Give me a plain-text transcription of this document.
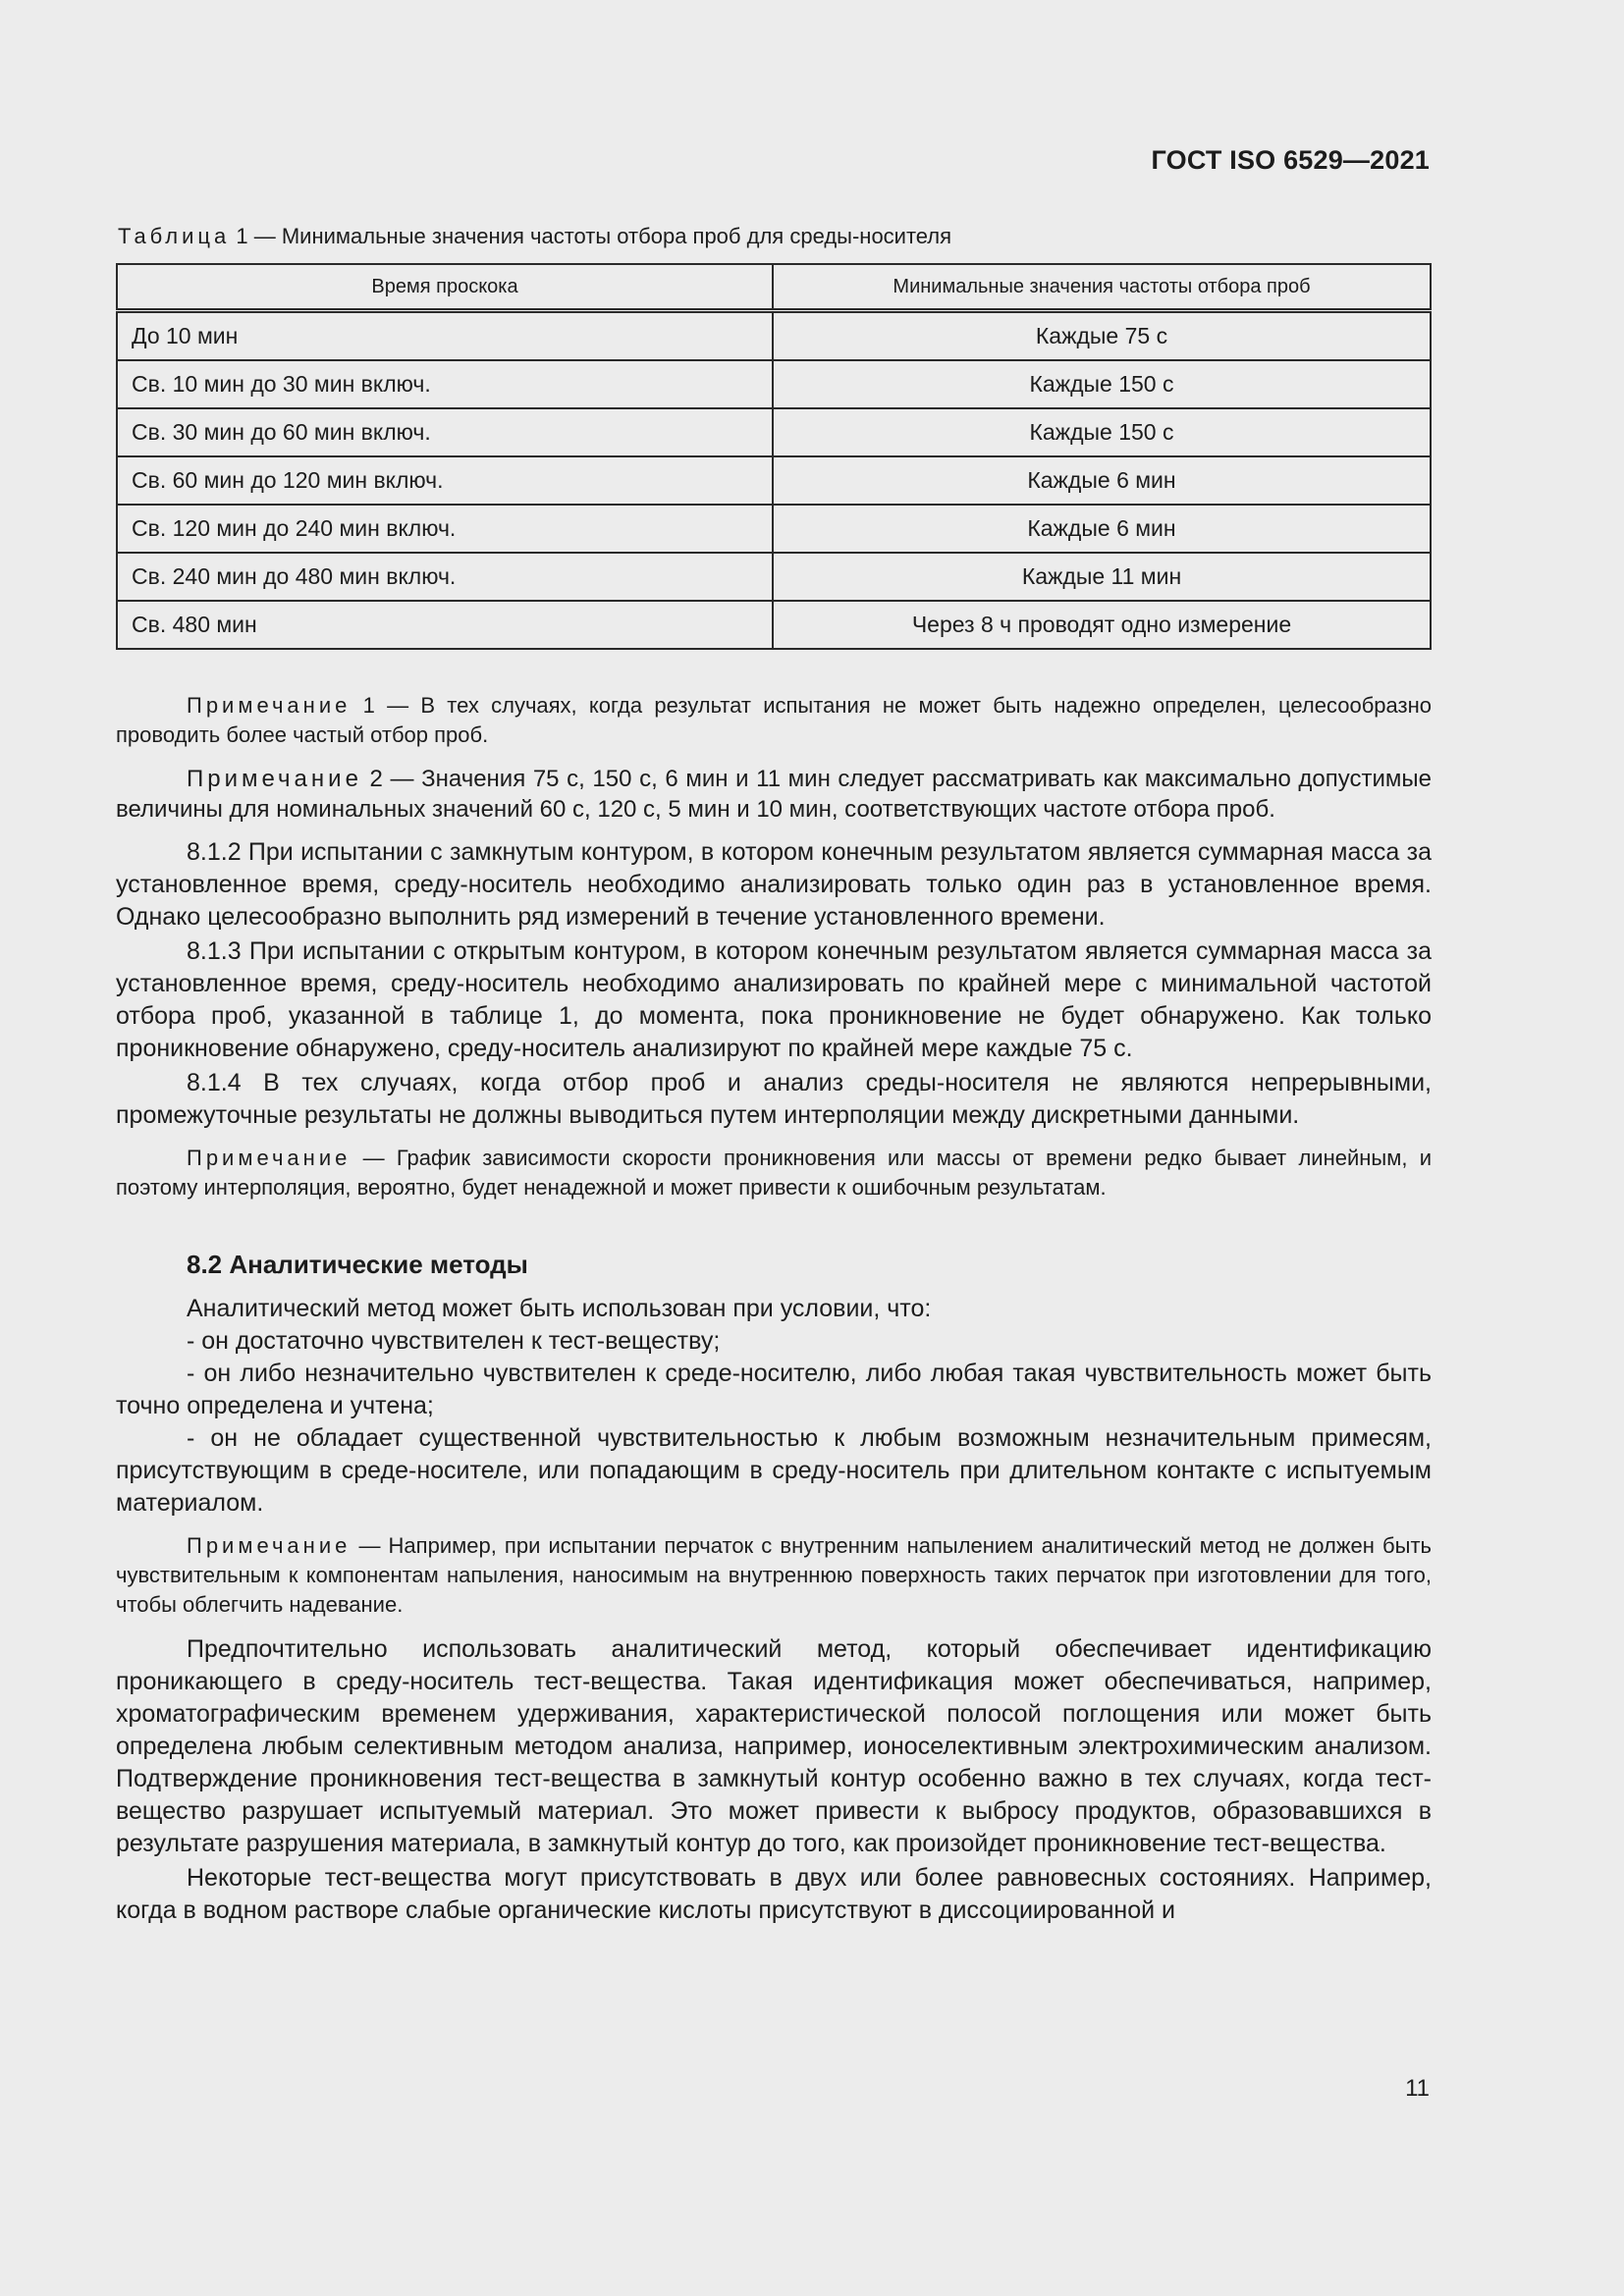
ГОСТ ISO 6529—2021

Таблица 1 — Минимальные значения частоты отбора проб для среды-носителя

Время проскока	Минимальные значения частоты отбора проб
До 10 мин	Каждые 75 с
Св. 10 мин до 30 мин включ.	Каждые 150 с
Св. 30 мин до 60 мин включ.	Каждые 150 с
Св. 60 мин до 120 мин включ.	Каждые 6 мин
Св. 120 мин до 240 мин включ.	Каждые 6 мин
Св. 240 мин до 480 мин включ.	Каждые 11 мин
Св. 480 мин	Через 8 ч проводят одно измерение

Примечание 1 — В тех случаях, когда результат испытания не может быть надежно определен, целесообразно проводить более частый отбор проб.

Примечание 2 — Значения 75 с, 150 с, 6 мин и 11 мин следует рассматривать как максимально допустимые величины для номинальных значений 60 с, 120 с, 5 мин и 10 мин, соответствующих частоте отбора проб.

8.1.2 При испытании с замкнутым контуром, в котором конечным результатом является суммарная масса за установленное время, среду-носитель необходимо анализировать только один раз в установленное время. Однако целесообразно выполнить ряд измерений в течение установленного времени.

8.1.3 При испытании с открытым контуром, в котором конечным результатом является суммарная масса за установленное время, среду-носитель необходимо анализировать по крайней мере с минимальной частотой отбора проб, указанной в таблице 1, до момента, пока проникновение не будет обнаружено. Как только проникновение обнаружено, среду-носитель анализируют по крайней мере каждые 75 с.

8.1.4 В тех случаях, когда отбор проб и анализ среды-носителя не являются непрерывными, промежуточные результаты не должны выводиться путем интерполяции между дискретными данными.

Примечание — График зависимости скорости проникновения или массы от времени редко бывает линейным, и поэтому интерполяция, вероятно, будет ненадежной и может привести к ошибочным результатам.

8.2 Аналитические методы

Аналитический метод может быть использован при условии, что:

- он достаточно чувствителен к тест-веществу;

- он либо незначительно чувствителен к среде-носителю, либо любая такая чувствительность может быть точно определена и учтена;

- он не обладает существенной чувствительностью к любым возможным незначительным примесям, присутствующим в среде-носителе, или попадающим в среду-носитель при длительном контакте с испытуемым материалом.

Примечание — Например, при испытании перчаток с внутренним напылением аналитический метод не должен быть чувствительным к компонентам напыления, наносимым на внутреннюю поверхность таких перчаток при изготовлении для того, чтобы облегчить надевание.

Предпочтительно использовать аналитический метод, который обеспечивает идентификацию проникающего в среду-носитель тест-вещества. Такая идентификация может обеспечиваться, например, хроматографическим временем удерживания, характеристической полосой поглощения или может быть определена любым селективным методом анализа, например, ионоселективным электрохимическим анализом. Подтверждение проникновения тест-вещества в замкнутый контур особенно важно в тех случаях, когда тест-вещество разрушает испытуемый материал. Это может привести к выбросу продуктов, образовавшихся в результате разрушения материала, в замкнутый контур до того, как произойдет проникновение тест-вещества.

Некоторые тест-вещества могут присутствовать в двух или более равновесных состояниях. Например, когда в водном растворе слабые органические кислоты присутствуют в диссоциированной и

11
